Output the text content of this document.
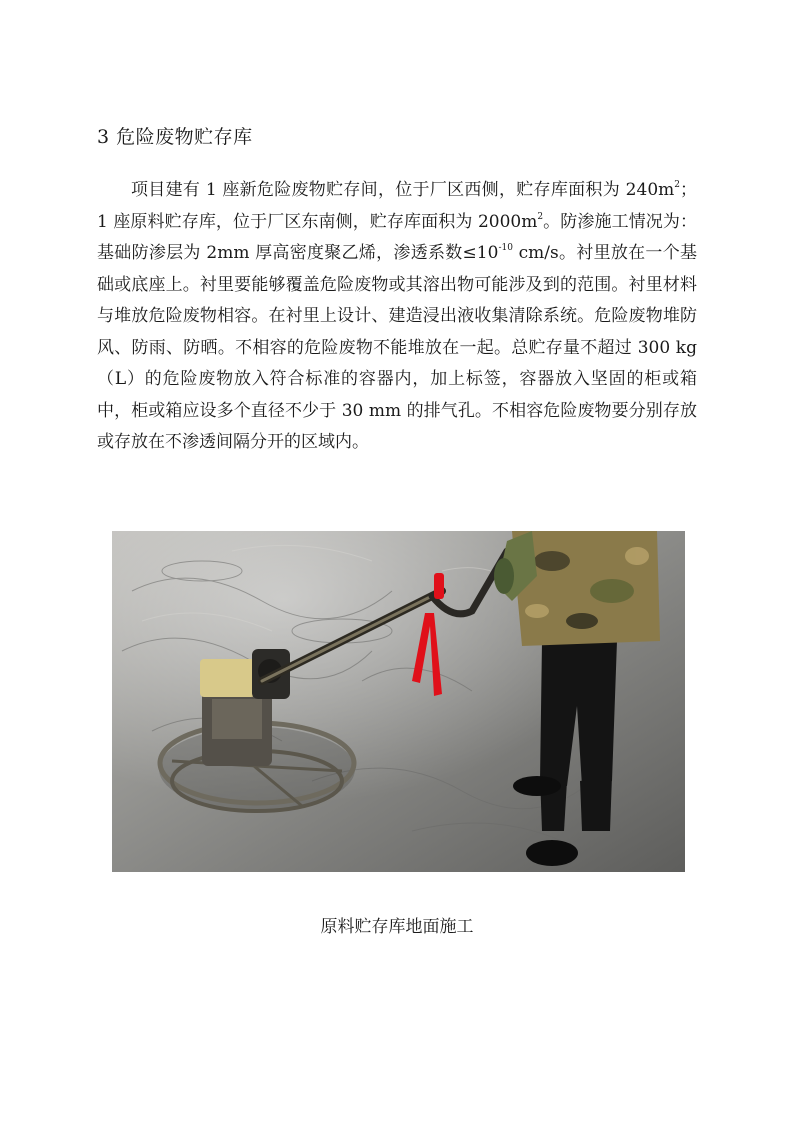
3 危险废物贮存库

项目建有 1 座新危险废物贮存间，位于厂区西侧，贮存库面积为 $240m^2$；1 座原料贮存库，位于厂区东南侧，贮存库面积为 $2000m^2$。防渗施工情况为：基础防渗层为 2mm 厚高密度聚乙烯，渗透系数$\le 10^{-10}$ cm/s。衬里放在一个基础或底座上。衬里要能够覆盖危险废物或其溶出物可能涉及到的范围。衬里材料与堆放危险废物相容。在衬里上设计、建造浸出液收集清除系统。危险废物堆防风、防雨、防晒。不相容的危险废物不能堆放在一起。总贮存量不超过 300 kg（L）的危险废物放入符合标准的容器内，加上标签，容器放入坚固的柜或箱中，柜或箱应设多个直径不少于 30 mm 的排气孔。不相容危险废物要分别存放或存放在不渗透间隔分开的区域内。

原料贮存库地面施工
